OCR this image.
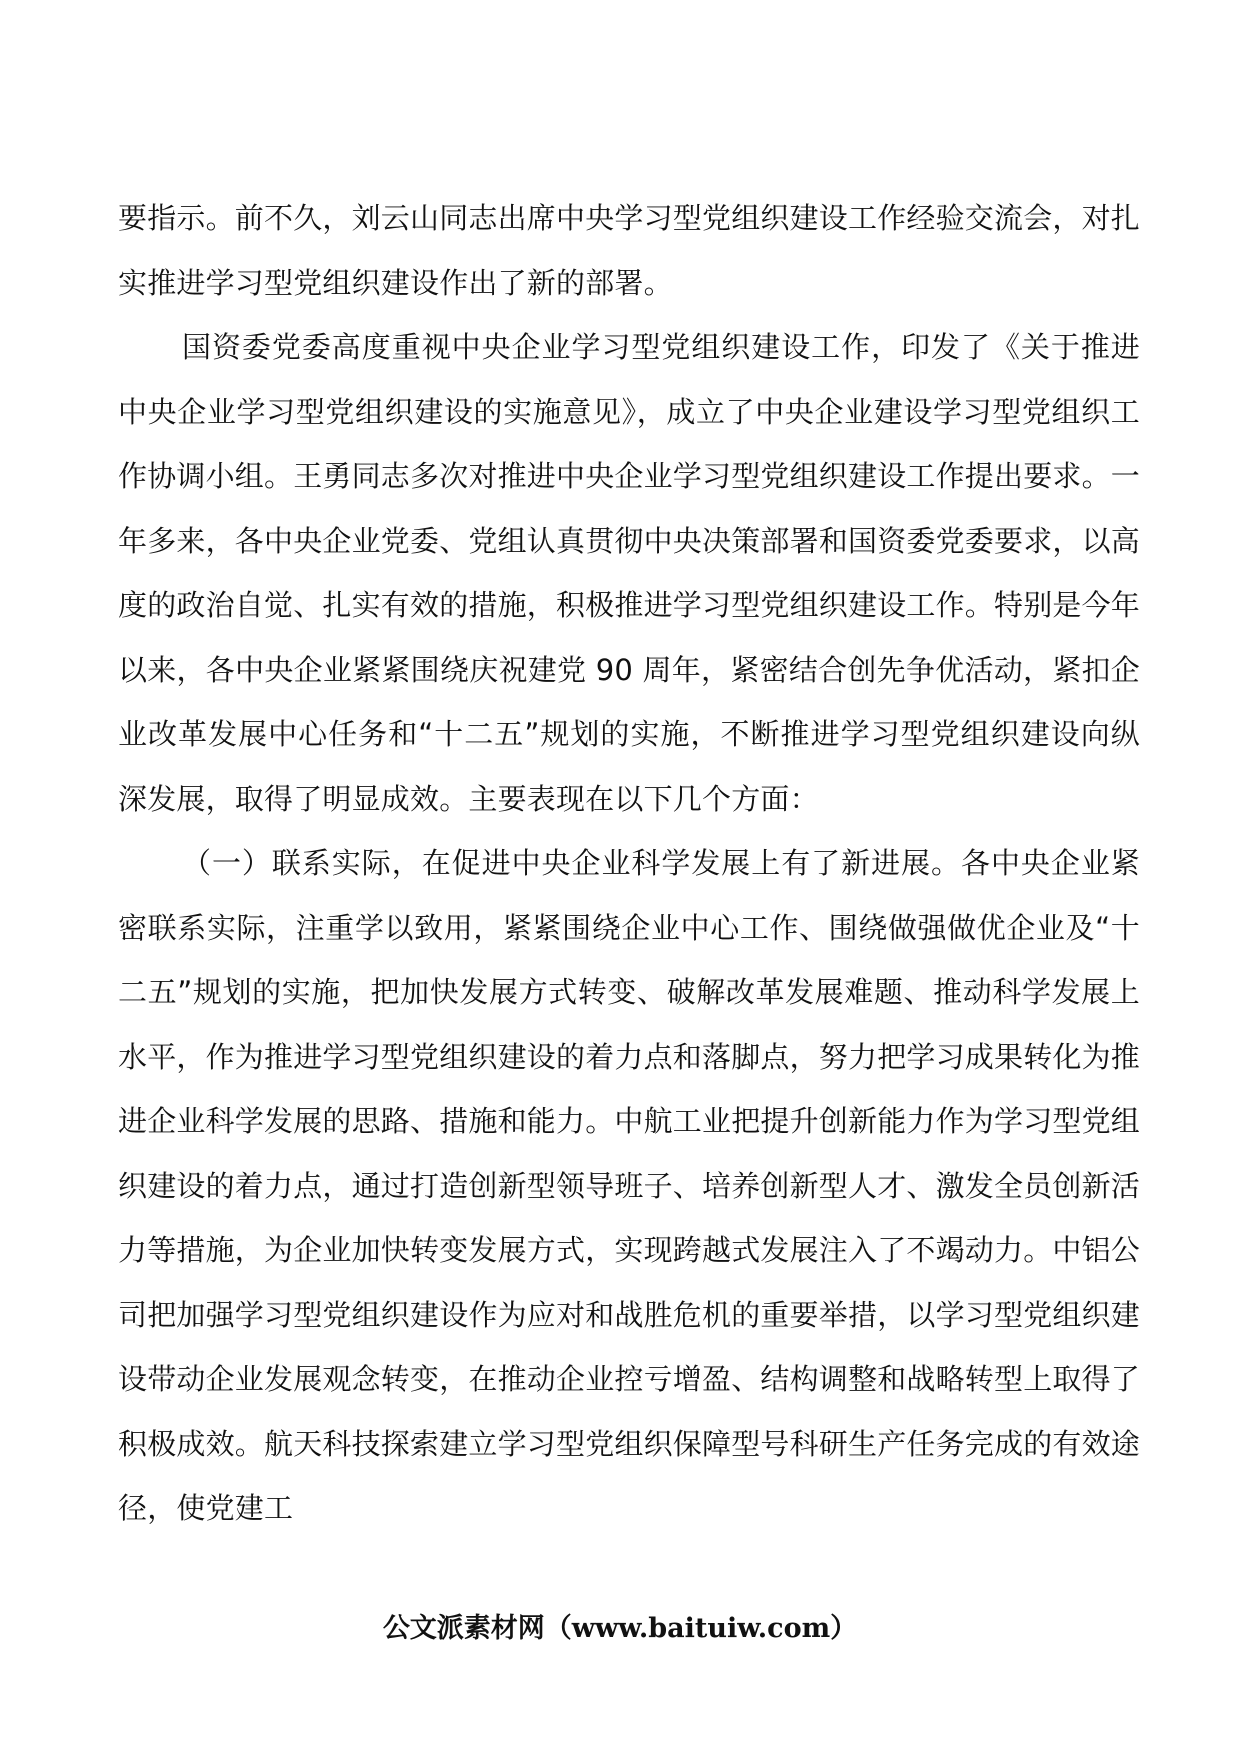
要指示。前不久，刘云山同志出席中央学习型党组织建设工作经验交流会，对扎实推进学习型党组织建设作出了新的部署。

国资委党委高度重视中央企业学习型党组织建设工作，印发了《关于推进中央企业学习型党组织建设的实施意见》，成立了中央企业建设学习型党组织工作协调小组。王勇同志多次对推进中央企业学习型党组织建设工作提出要求。一年多来，各中央企业党委、党组认真贯彻中央决策部署和国资委党委要求，以高度的政治自觉、扎实有效的措施，积极推进学习型党组织建设工作。特别是今年以来，各中央企业紧紧围绕庆祝建党 90 周年，紧密结合创先争优活动，紧扣企业改革发展中心任务和“十二五”规划的实施，不断推进学习型党组织建设向纵深发展，取得了明显成效。主要表现在以下几个方面：

（一）联系实际，在促进中央企业科学发展上有了新进展。各中央企业紧密联系实际，注重学以致用，紧紧围绕企业中心工作、围绕做强做优企业及“十二五”规划的实施，把加快发展方式转变、破解改革发展难题、推动科学发展上水平，作为推进学习型党组织建设的着力点和落脚点，努力把学习成果转化为推进企业科学发展的思路、措施和能力。中航工业把提升创新能力作为学习型党组织建设的着力点，通过打造创新型领导班子、培养创新型人才、激发全员创新活力等措施，为企业加快转变发展方式，实现跨越式发展注入了不竭动力。中铝公司把加强学习型党组织建设作为应对和战胜危机的重要举措，以学习型党组织建设带动企业发展观念转变，在推动企业控亏增盈、结构调整和战略转型上取得了积极成效。航天科技探索建立学习型党组织保障型号科研生产任务完成的有效途径，使党建工

公文派素材网（www.baituiw.com）
